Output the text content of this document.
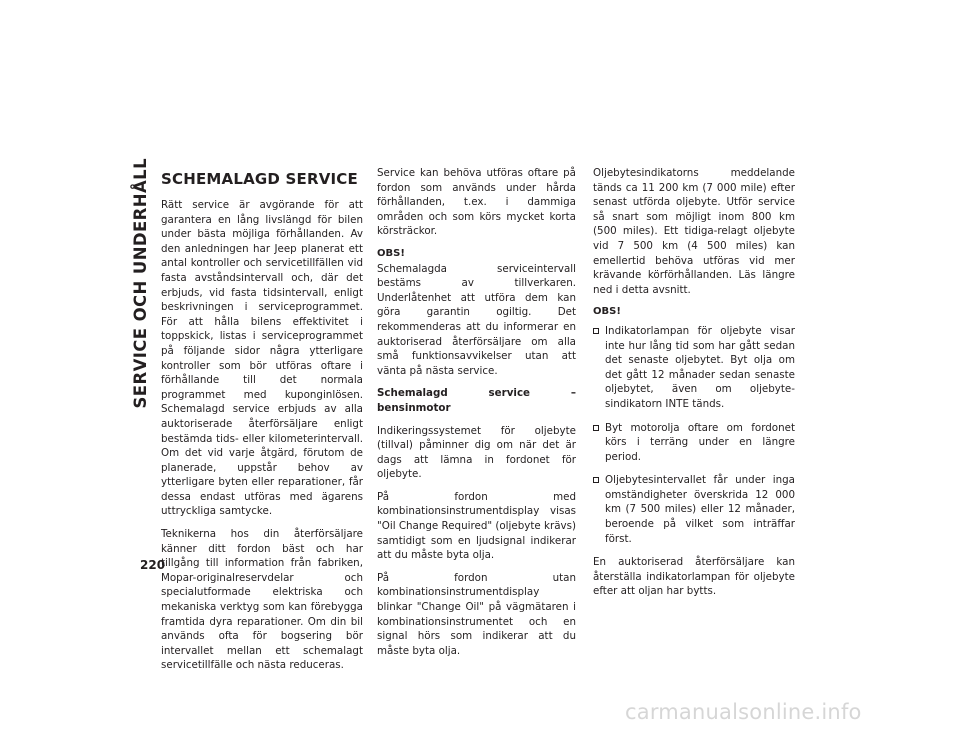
SERVICE OCH UNDERHÅLL SCHEMALAGD SERVICE

Rätt service är avgörande för att garantera en lång livslängd för bilen under bästa möjliga förhållanden. Av den anledningen har Jeep planerat ett antal kontroller och servicetillfällen vid fasta avståndsintervall och, där det erbjuds, vid fasta tidsintervall, enligt beskrivningen i serviceprogrammet. För att hålla bilens effektivitet i toppskick, listas i serviceprogrammet på följande sidor några ytterligare kontroller som bör utföras oftare i förhållande till det normala programmet med kuponginlösen. Schemalagd service erbjuds av alla auktoriserade återförsäljare enligt bestämda tids- eller kilometerintervall. Om det vid varje åtgärd, förutom de planerade, uppstår behov av ytterligare byten eller reparationer, får dessa endast utföras med ägarens uttryckliga samtycke.

Teknikerna hos din återförsäljare känner ditt fordon bäst och har tillgång till information från fabriken, Mopar-originalreservdelar och specialutformade elektriska och mekaniska verktyg som kan förebygga framtida dyra reparationer. Om din bil används ofta för bogsering bör intervallet mellan ett schemalagt servicetillfälle och nästa reduceras.

Service kan behöva utföras oftare på fordon som används under hårda förhållanden, t.ex. i dammiga områden och som körs mycket korta körsträckor.

OBS!

Schemalagda serviceintervall bestäms av tillverkaren. Underlåtenhet att utföra dem kan göra garantin ogiltig. Det rekommenderas att du informerar en auktoriserad återförsäljare om alla små funktionsavvikelser utan att vänta på nästa service.

Schemalagd service – bensinmotor

Indikeringssystemet för oljebyte (tillval) påminner dig om när det är dags att lämna in fordonet för oljebyte.

På fordon med kombinationsinstrumentdisplay visas "Oil Change Required" (oljebyte krävs) samtidigt som en ljudsignal indikerar att du måste byta olja.

På fordon utan kombinationsinstrumentdisplay blinkar "Change Oil" på vägmätaren i kombinationsinstrumentet och en signal hörs som indikerar att du måste byta olja.

Oljebytesindikatorns meddelande tänds ca 11 200 km (7 000 mile) efter senast utförda oljebyte. Utför service så snart som möjligt inom 800 km (500 miles). Ett tidiga-relagt oljebyte vid 7 500 km (4 500 miles) kan emellertid behöva utföras vid mer krävande körförhållanden. Läs längre ned i detta avsnitt.

OBS!

Indikatorlampan för oljebyte visar inte hur lång tid som har gått sedan det senaste oljebytet. Byt olja om det gått 12 månader sedan senaste oljebytet, även om oljebytesindikatorn INTE tänds.
Byt motorolja oftare om fordonet körs i terräng under en längre period.
Oljebytesintervallet får under inga omständigheter överskrida 12 000 km (7 500 miles) eller 12 månader, beroende på vilket som inträffar först.

En auktoriserad återförsäljare kan återställa indikatorlampan för oljebyte efter att oljan har bytts.

220
carmanualsonline.info
